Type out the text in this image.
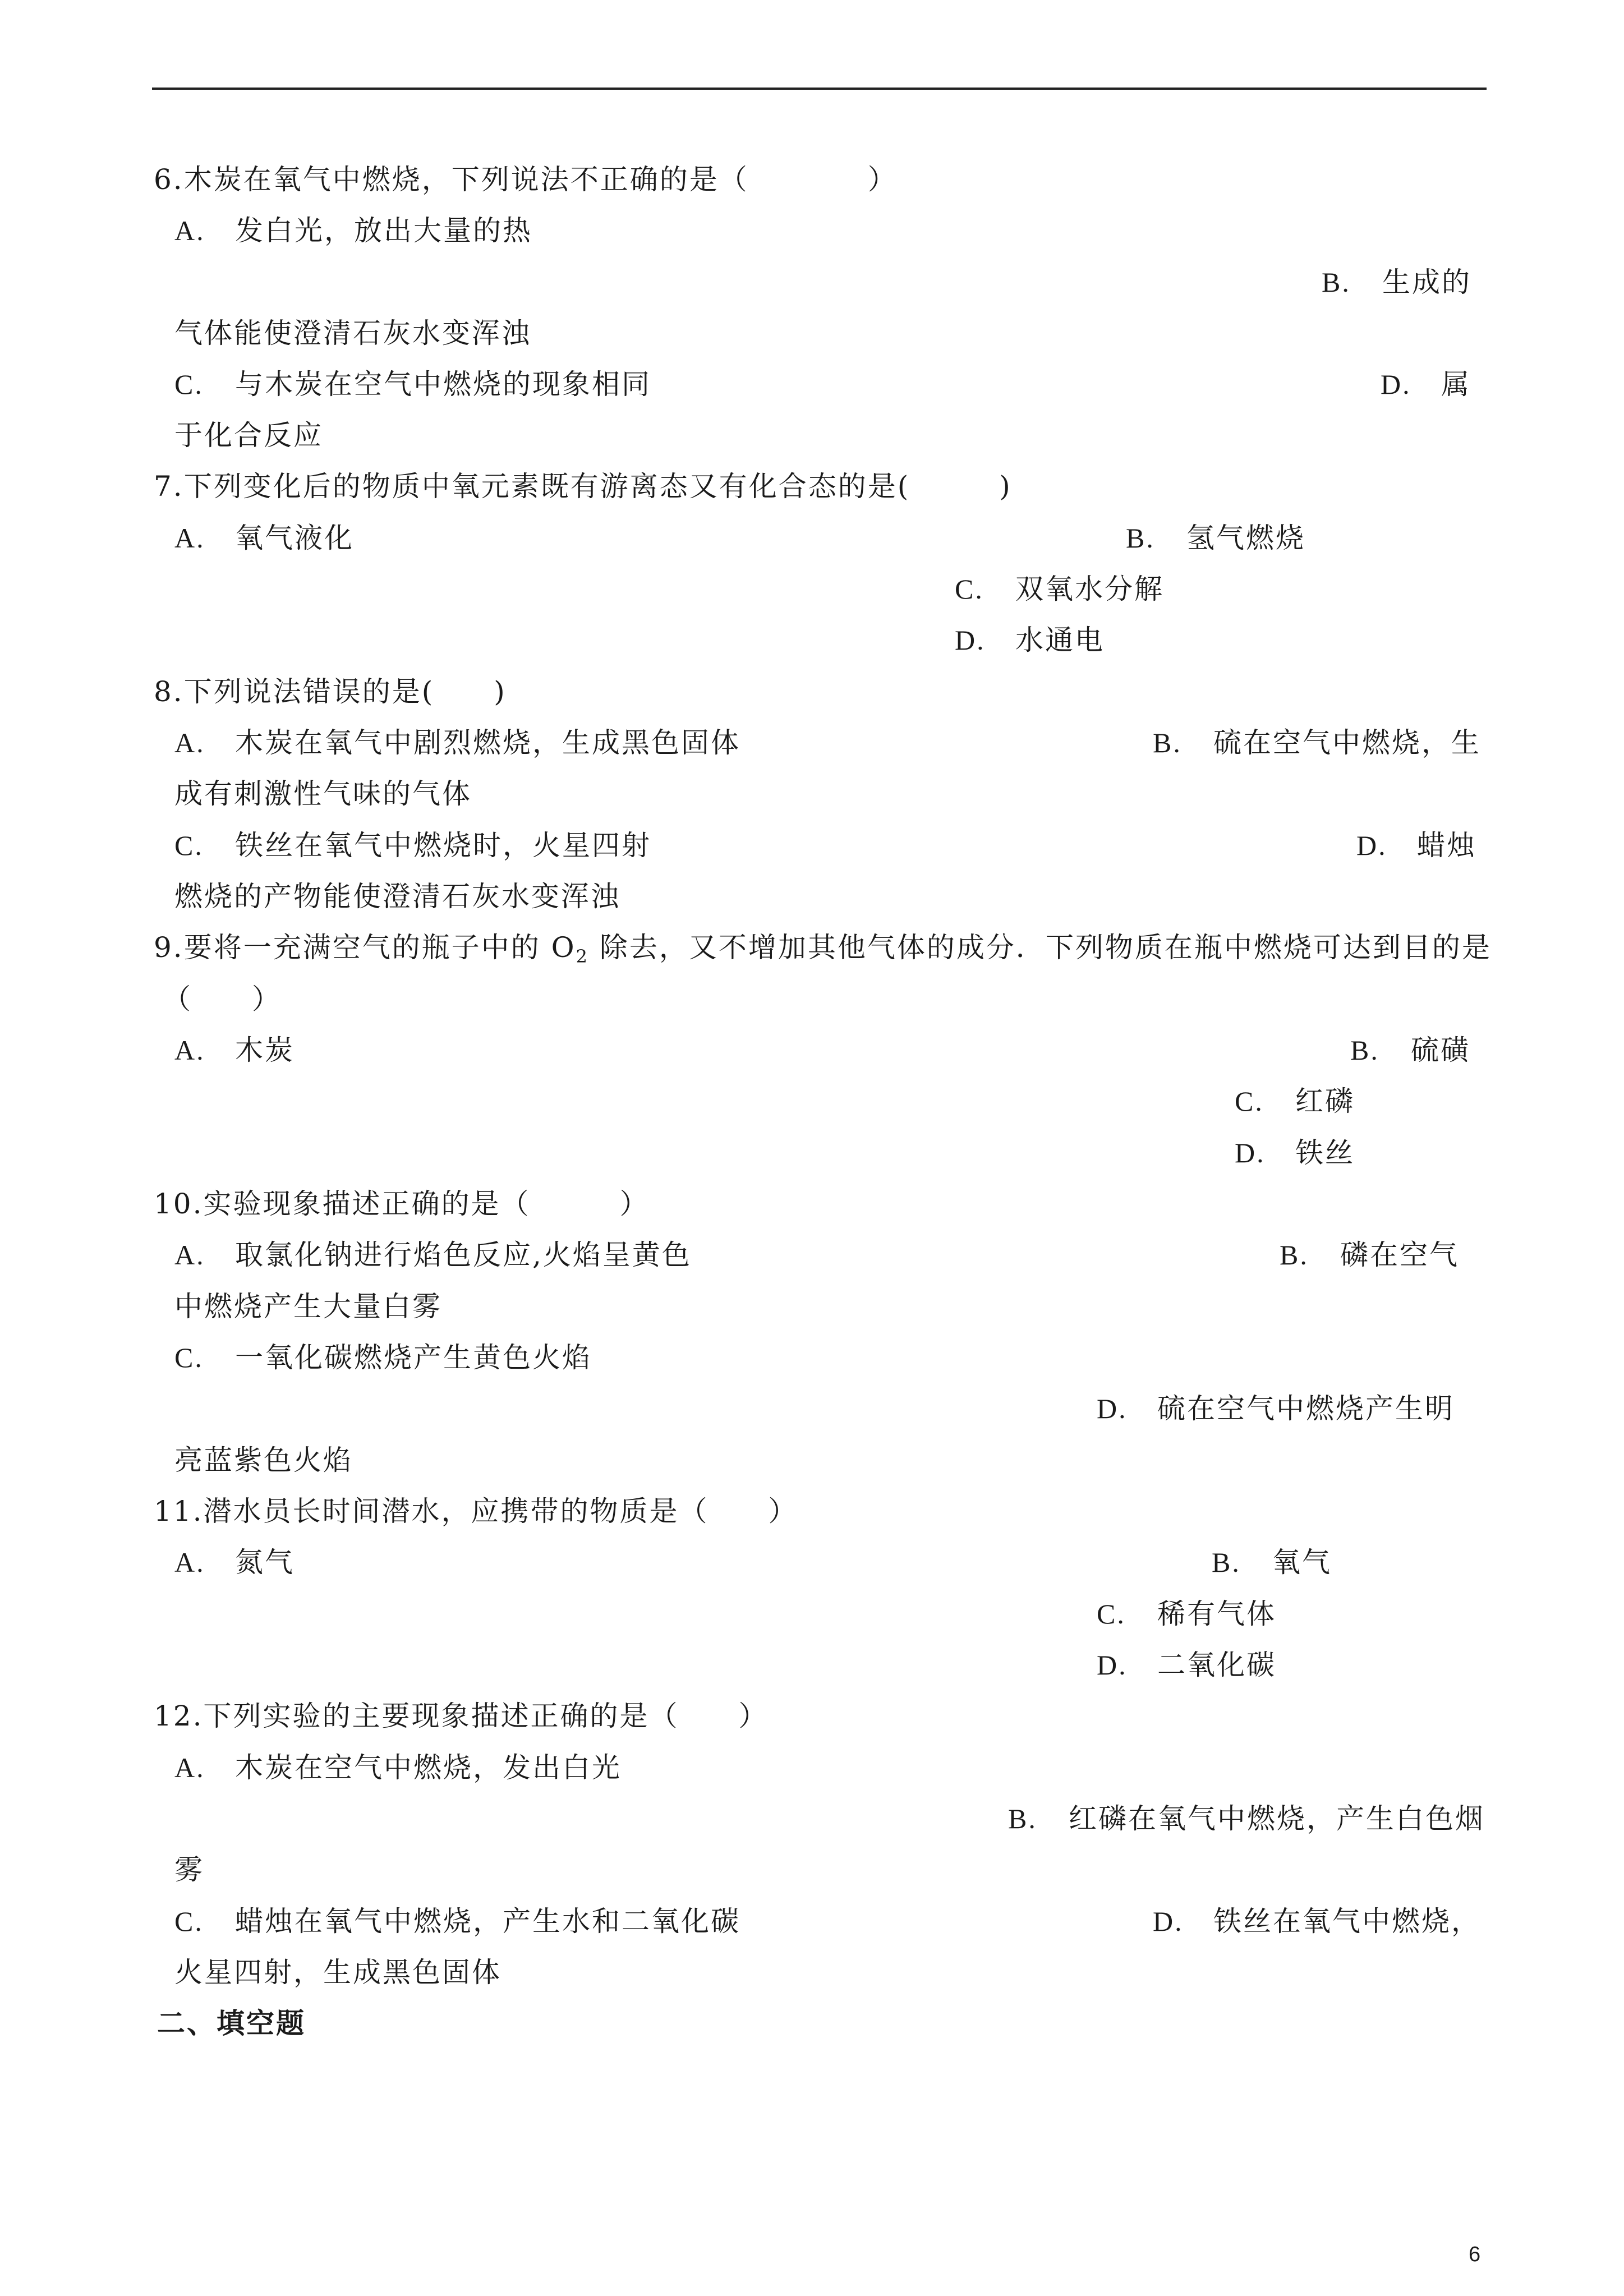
6.木炭在氧气中燃烧，下列说法不正确的是（　　　　）
A. 发白光，放出大量的热
B. 生成的
气体能使澄清石灰水变浑浊
C. 与木炭在空气中燃烧的现象相同	D. 属
于化合反应
7.下列变化后的物质中氧元素既有游离态又有化合态的是(　　　)
A. 氧气液化	B. 氢气燃烧
C. 双氧水分解
D. 水通电
8.下列说法错误的是(　　)
A. 木炭在氧气中剧烈燃烧，生成黑色固体	B. 硫在空气中燃烧，生
成有刺激性气味的气体
C. 铁丝在氧气中燃烧时，火星四射	D. 蜡烛
燃烧的产物能使澄清石灰水变浑浊
9.要将一充满空气的瓶子中的 $O_2$ 除去，又不增加其他气体的成分．下列物质在瓶中燃烧可达到目的是
（　　）
A. 木炭	B. 硫磺
C. 红磷
D. 铁丝
10.实验现象描述正确的是（　　　）
A. 取氯化钠进行焰色反应,火焰呈黄色	B. 磷在空气
中燃烧产生大量白雾
C. 一氧化碳燃烧产生黄色火焰
D. 硫在空气中燃烧产生明
亮蓝紫色火焰
11.潜水员长时间潜水，应携带的物质是（　　）
A. 氮气	B. 氧气
C. 稀有气体
D. 二氧化碳
12.下列实验的主要现象描述正确的是（　　）
A. 木炭在空气中燃烧，发出白光
B. 红磷在氧气中燃烧，产生白色烟
雾
C. 蜡烛在氧气中燃烧，产生水和二氧化碳	D. 铁丝在氧气中燃烧，
火星四射，生成黑色固体
二、填空题
6
